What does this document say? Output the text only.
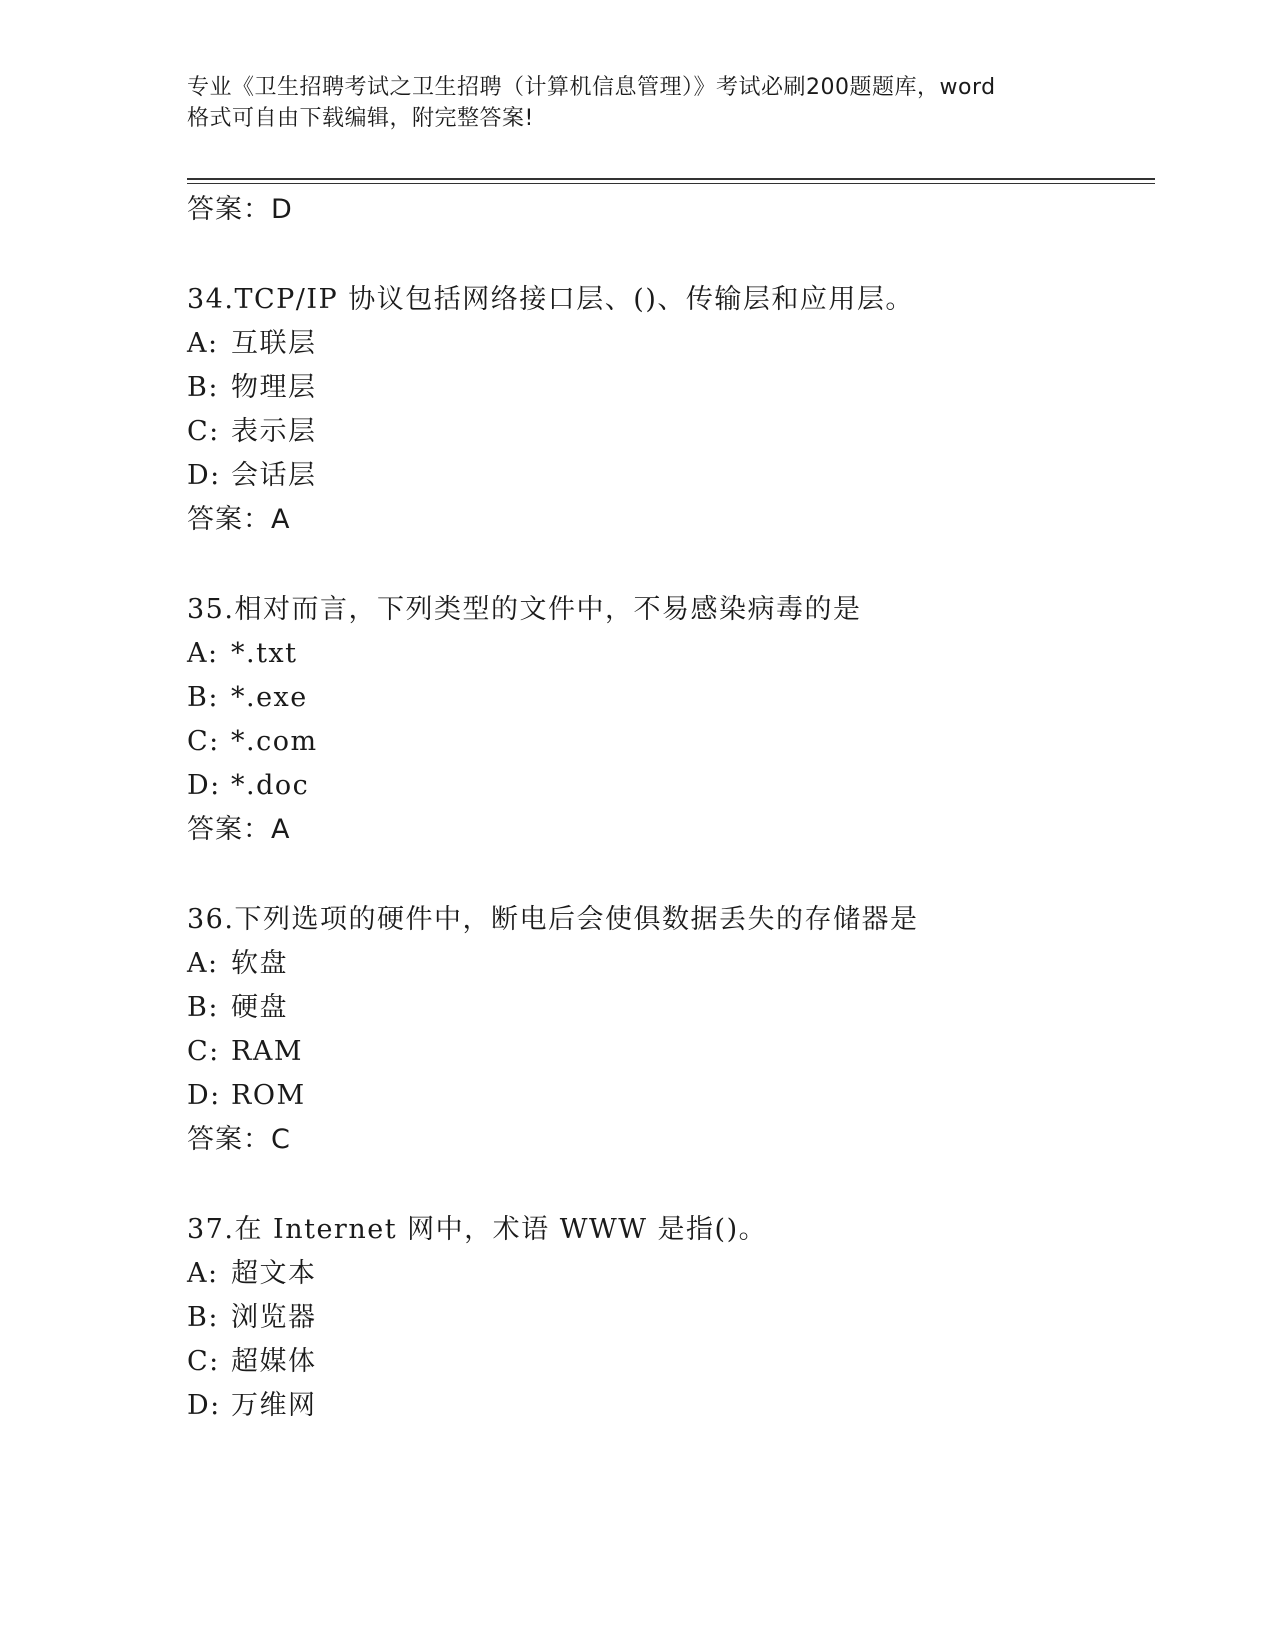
专业《卫生招聘考试之卫生招聘（计算机信息管理）》考试必刷200题题库，word
格式可自由下载编辑，附完整答案!
答案：D
34.TCP/IP 协议包括网络接口层、()、传输层和应用层。
A: 互联层
B: 物理层
C: 表示层
D: 会话层
答案：A
35.相对而言，下列类型的文件中，不易感染病毒的是
A: *.txt
B: *.exe
C: *.com
D: *.doc
答案：A
36.下列选项的硬件中，断电后会使俱数据丢失的存储器是
A: 软盘
B: 硬盘
C: RAM
D: ROM
答案：C
37.在 Internet 网中，术语 WWW 是指()。
A: 超文本
B: 浏览器
C: 超媒体
D: 万维网
